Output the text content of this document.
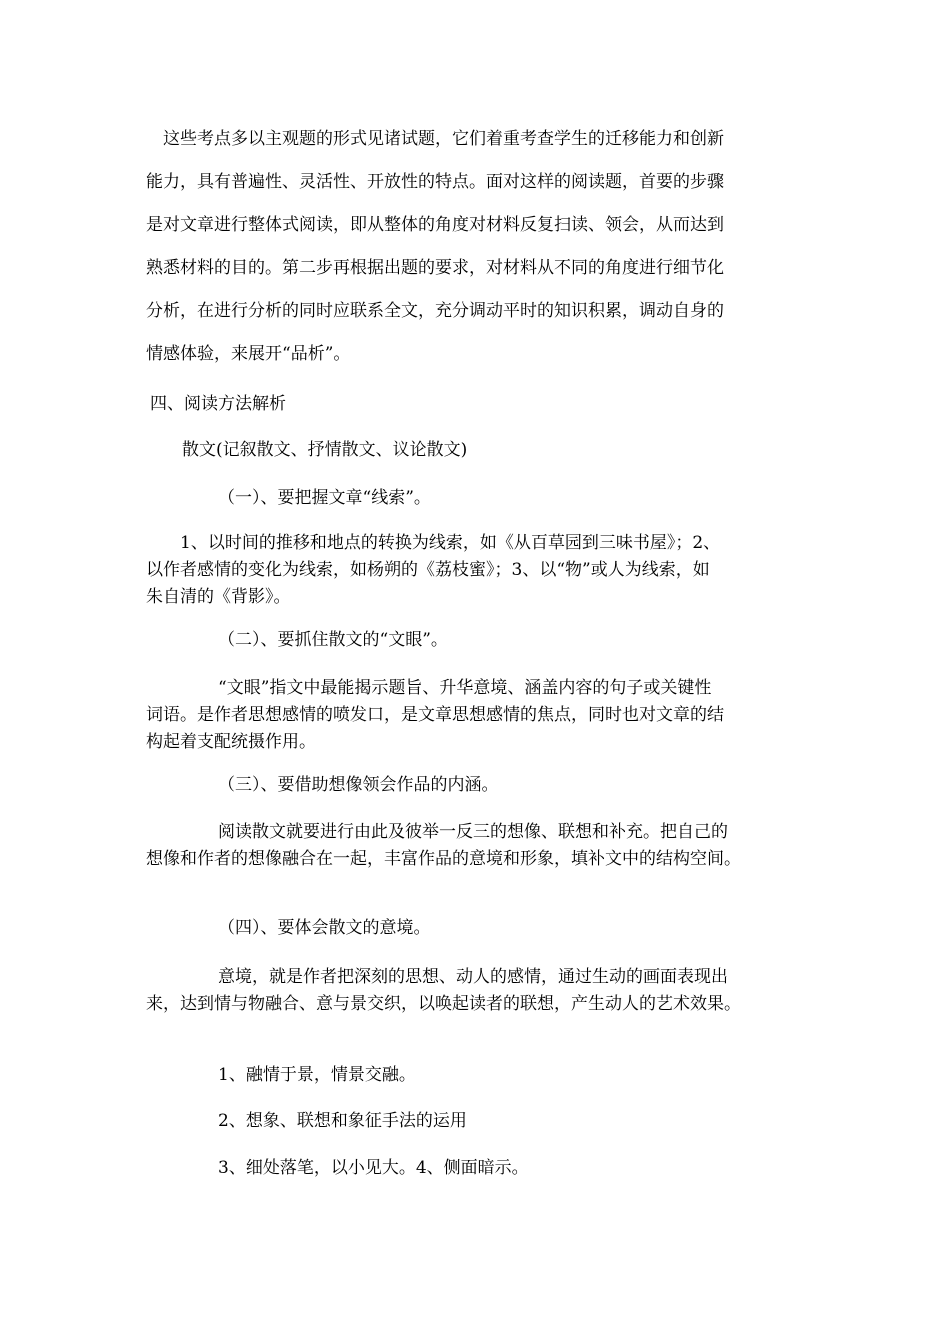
这些考点多以主观题的形式见诸试题，它们着重考查学生的迁移能力和创新
能力，具有普遍性、灵活性、开放性的特点。面对这样的阅读题，首要的步骤
是对文章进行整体式阅读，即从整体的角度对材料反复扫读、领会，从而达到
熟悉材料的目的。第二步再根据出题的要求，对材料从不同的角度进行细节化
分析，在进行分析的同时应联系全文，充分调动平时的知识积累，调动自身的
情感体验，来展开“品析”。
四、阅读方法解析
散文(记叙散文、抒情散文、议论散文)
（一）、要把握文章“线索”。
1、以时间的推移和地点的转换为线索，如《从百草园到三味书屋》；2、
以作者感情的变化为线索，如杨朔的《荔枝蜜》；3、以“物”或人为线索，如
朱自清的《背影》。
（二）、要抓住散文的“文眼”。
“文眼”指文中最能揭示题旨、升华意境、涵盖内容的句子或关键性
词语。是作者思想感情的喷发口，是文章思想感情的焦点，同时也对文章的结
构起着支配统摄作用。
（三）、要借助想像领会作品的内涵。
阅读散文就要进行由此及彼举一反三的想像、联想和补充。把自己的
想像和作者的想像融合在一起，丰富作品的意境和形象，填补文中的结构空间。
（四）、要体会散文的意境。
意境，就是作者把深刻的思想、动人的感情，通过生动的画面表现出
来，达到情与物融合、意与景交织，以唤起读者的联想，产生动人的艺术效果。
1、融情于景，情景交融。
2、想象、联想和象征手法的运用
3、细处落笔，以小见大。4、侧面暗示。
